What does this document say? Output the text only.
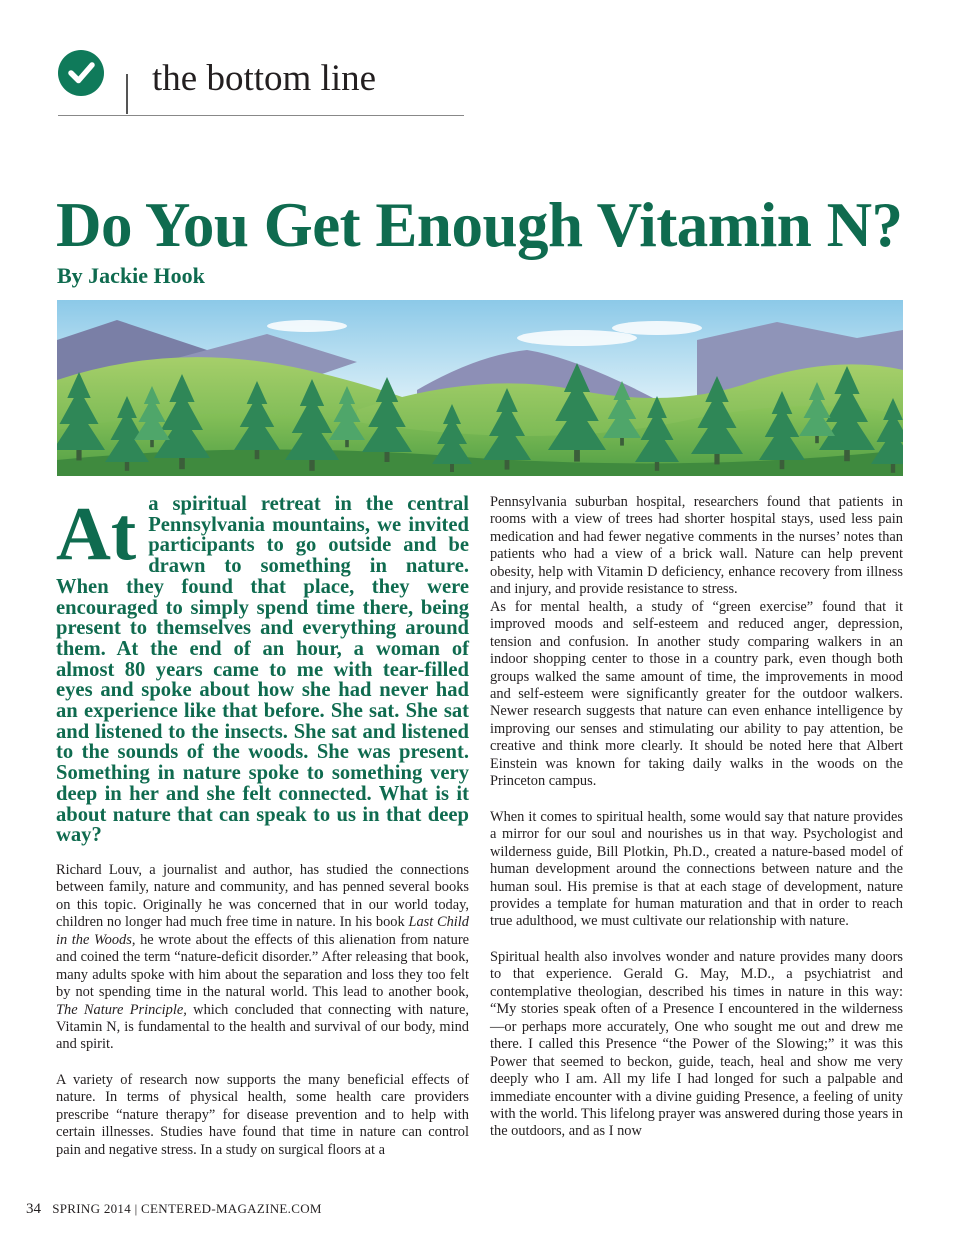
the bottom line
Do You Get Enough Vitamin N?
By Jackie Hook

At a spiritual retreat in the central Pennsylvania mountains, we invited participants to go outside and be drawn to something in nature. When they found that place, they were encouraged to simply spend time there, being present to themselves and everything around them. At the end of an hour, a woman of almost 80 years came to me with tear-filled eyes and spoke about how she had never had an experience like that before. She sat. She sat and listened to the insects. She sat and listened to the sounds of the woods. She was present. Something in nature spoke to something very deep in her and she felt connected. What is it about nature that can speak to us in that deep way?

Richard Louv, a journalist and author, has studied the connections between family, nature and community, and has penned several books on this topic. Originally he was concerned that in our world today, children no longer had much free time in nature. In his book Last Child in the Woods, he wrote about the effects of this alienation from nature and coined the term “nature-deficit disorder.” After releasing that book, many adults spoke with him about the separation and loss they too felt by not spending time in the natural world. This lead to another book, The Nature Principle, which concluded that connecting with nature, Vitamin N, is fundamental to the health and survival of our body, mind and spirit.

A variety of research now supports the many beneficial effects of nature. In terms of physical health, some health care providers prescribe “nature therapy” for disease prevention and to help with certain illnesses. Studies have found that time in nature can control pain and negative stress. In a study on surgical floors at a

Pennsylvania suburban hospital, researchers found that patients in rooms with a view of trees had shorter hospital stays, used less pain medication and had fewer negative comments in the nurses’ notes than patients who had a view of a brick wall. Nature can help prevent obesity, help with Vitamin D deficiency, enhance recovery from illness and injury, and provide resistance to stress.

As for mental health, a study of “green exercise” found that it improved moods and self-esteem and reduced anger, depression, tension and confusion. In another study comparing walkers in an indoor shopping center to those in a country park, even though both groups walked the same amount of time, the improvements in mood and self-esteem were significantly greater for the outdoor walkers. Newer research suggests that nature can even enhance intelligence by improving our senses and stimulating our ability to pay attention, be creative and think more clearly. It should be noted here that Albert Einstein was known for taking daily walks in the woods on the Princeton campus.

When it comes to spiritual health, some would say that nature provides a mirror for our soul and nourishes us in that way. Psychologist and wilderness guide, Bill Plotkin, Ph.D., created a nature-based model of human development around the connections between nature and the human soul. His premise is that at each stage of development, nature provides a template for human maturation and that in order to reach true adulthood, we must cultivate our relationship with nature.

Spiritual health also involves wonder and nature provides many doors to that experience. Gerald G. May, M.D., a psychiatrist and contemplative theologian, described his times in nature in this way: “My stories speak often of a Presence I encountered in the wilderness—or perhaps more accurately, One who sought me out and drew me there. I called this Presence “the Power of the Slowing;” it was this Power that seemed to beckon, guide, teach, heal and show me very deeply who I am. All my life I had longed for such a palpable and immediate encounter with a divine guiding Presence, a feeling of unity with the world. This lifelong prayer was answered during those years in the outdoors, and as I now

34 SPRING 2014 | CENTERED-MAGAZINE.COM
